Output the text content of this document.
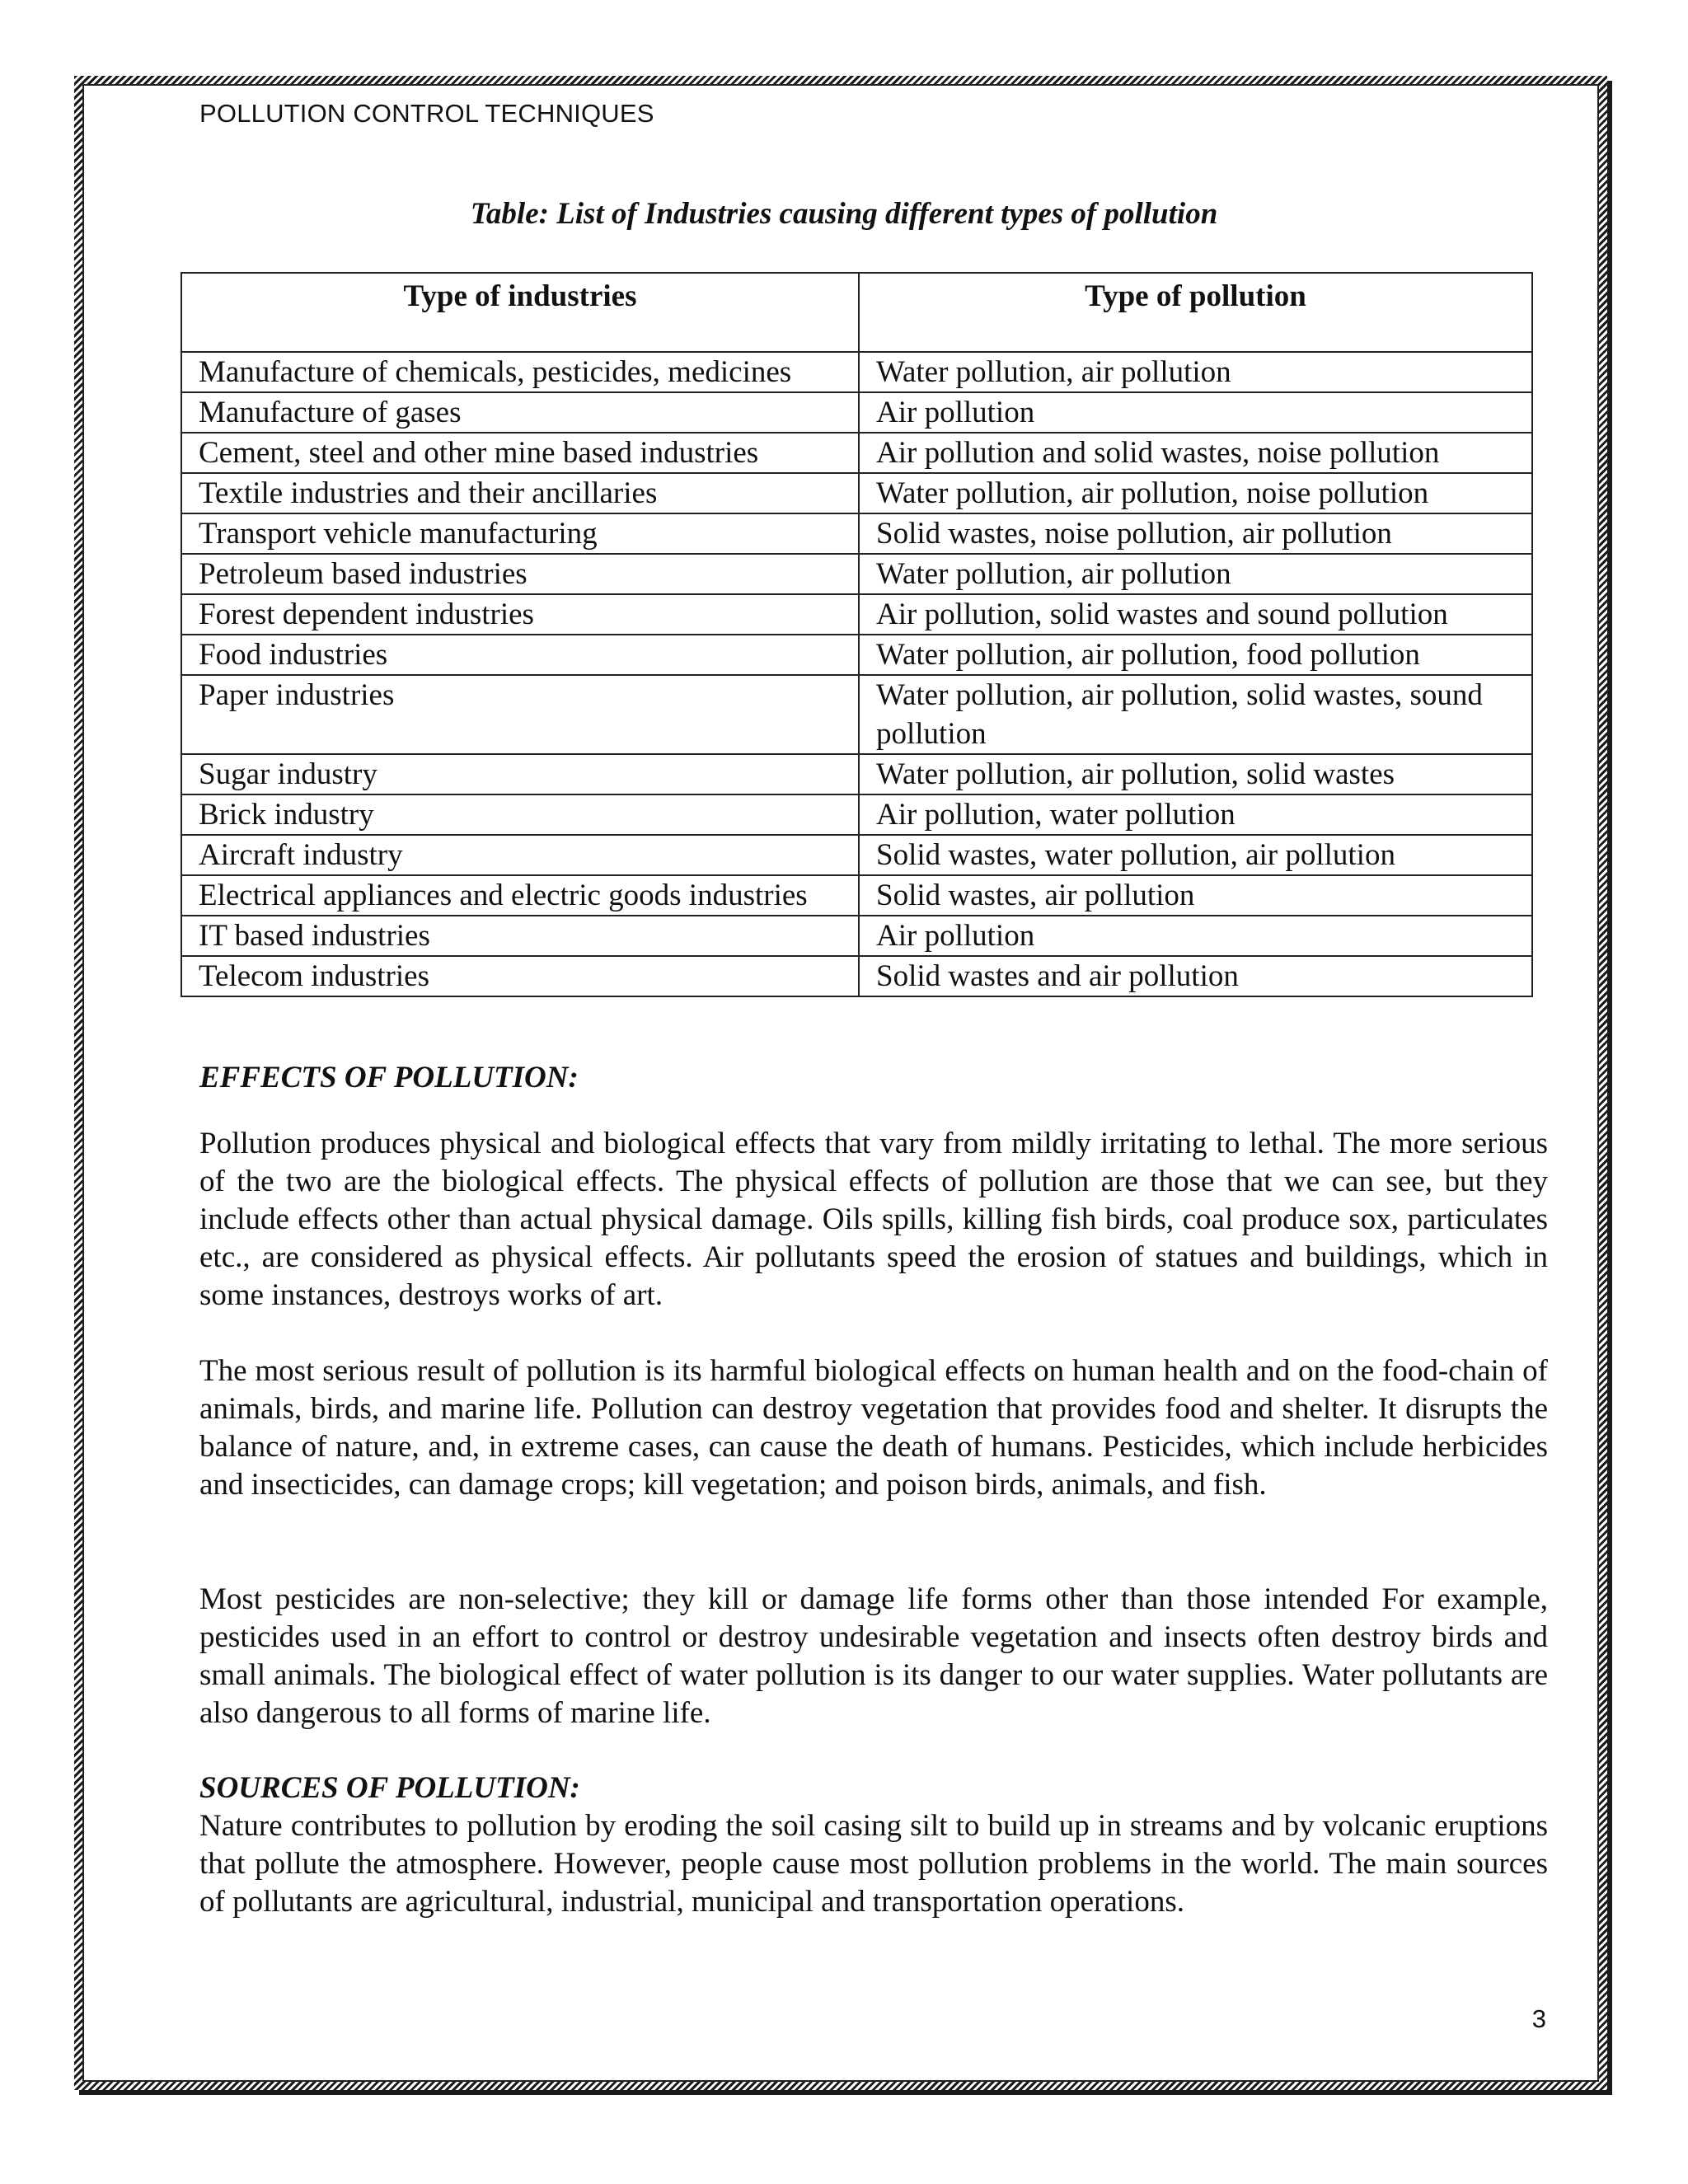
POLLUTION CONTROL TECHNIQUES
Table: List of Industries causing different types of pollution
Type of industries	Type of pollution
Manufacture of chemicals, pesticides, medicines	Water pollution, air pollution
Manufacture of gases	Air pollution
Cement, steel and other mine based industries	Air pollution and solid wastes, noise pollution
Textile industries and their ancillaries	Water pollution, air pollution, noise pollution
Transport vehicle manufacturing	Solid wastes, noise pollution, air pollution
Petroleum based industries	Water pollution, air pollution
Forest dependent industries	Air pollution, solid wastes and sound pollution
Food industries	Water pollution, air pollution, food pollution
Paper industries	Water pollution, air pollution, solid wastes, sound pollution
Sugar industry	Water pollution, air pollution, solid wastes
Brick industry	Air pollution, water pollution
Aircraft industry	Solid wastes, water pollution, air pollution
Electrical appliances and electric goods industries	Solid wastes, air pollution
IT based industries	Air pollution
Telecom industries	Solid wastes and air pollution
EFFECTS OF POLLUTION:

Pollution produces physical and biological effects that vary from mildly irritating to lethal. The more serious of the two are the biological effects. The physical effects of pollution are those that we can see, but they include effects other than actual physical damage. Oils spills, killing fish birds, coal produce sox, particulates etc., are considered as physical effects. Air pollutants speed the erosion of statues and buildings, which in some instances, destroys works of art.

The most serious result of pollution is its harmful biological effects on human health and on the food-chain of animals, birds, and marine life. Pollution can destroy vegetation that provides food and shelter. It disrupts the balance of nature, and, in extreme cases, can cause the death of humans. Pesticides, which include herbicides and insecticides, can damage crops; kill vegetation; and poison birds, animals, and fish.

Most pesticides are non-selective; they kill or damage life forms other than those intended For example, pesticides used in an effort to control or destroy undesirable vegetation and insects often destroy birds and small animals. The biological effect of water pollution is its danger to our water supplies. Water pollutants are also dangerous to all forms of marine life.

SOURCES OF POLLUTION:

Nature contributes to pollution by eroding the soil casing silt to build up in streams and by volcanic eruptions that pollute the atmosphere. However, people cause most pollution problems in the world. The main sources of pollutants are agricultural, industrial, municipal and transportation operations.

3
